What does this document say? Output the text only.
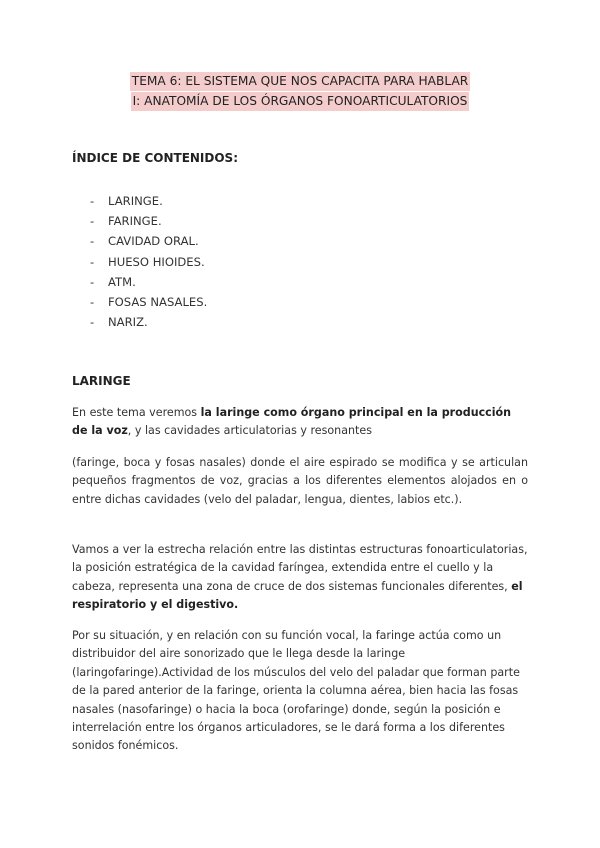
TEMA 6: EL SISTEMA QUE NOS CAPACITA PARA HABLAR
I: ANATOMÍA DE LOS ÓRGANOS FONOARTICULATORIOS
ÍNDICE DE CONTENIDOS:
- LARINGE.
- FARINGE.
- CAVIDAD ORAL.
- HUESO HIOIDES.
- ATM.
- FOSAS NASALES.
- NARIZ.
LARINGE

En este tema veremos la laringe como órgano principal en la producción de la voz, y las cavidades articulatorias y resonantes

(faringe, boca y fosas nasales) donde el aire espirado se modifica y se articulan pequeños fragmentos de voz, gracias a los diferentes elementos alojados en o entre dichas cavidades (velo del paladar, lengua, dientes, labios etc.).

Vamos a ver la estrecha relación entre las distintas estructuras fonoarticulatorias, la posición estratégica de la cavidad faríngea, extendida entre el cuello y la cabeza, representa una zona de cruce de dos sistemas funcionales diferentes, el respiratorio y el digestivo.

Por su situación, y en relación con su función vocal, la faringe actúa como un distribuidor del aire sonorizado que le llega desde la laringe (laringofaringe).Actividad de los músculos del velo del paladar que forman parte de la pared anterior de la faringe, orienta la columna aérea, bien hacia las fosas nasales (nasofaringe) o hacia la boca (orofaringe) donde, según la posición e interrelación entre los órganos articuladores, se le dará forma a los diferentes sonidos fonémicos.
